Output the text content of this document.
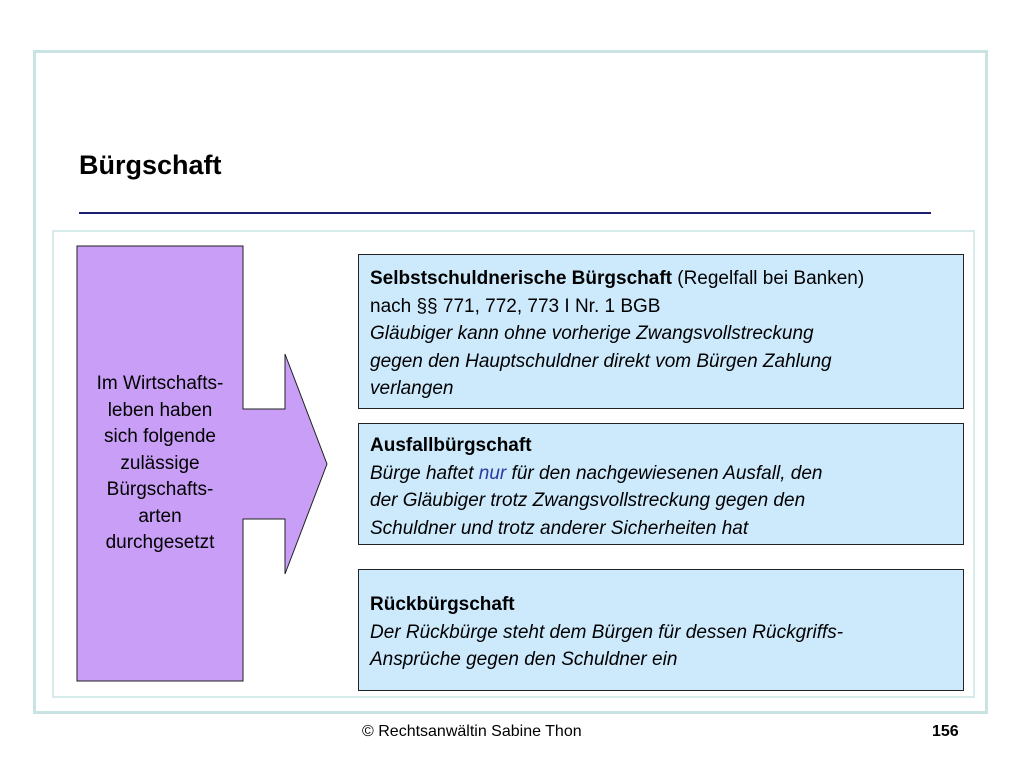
Bürgschaft
Im Wirtschafts-
leben haben
sich folgende
zulässige
Bürgschafts-
arten
durchgesetzt
Selbstschuldnerische Bürgschaft (Regelfall bei Banken)
nach §§ 771, 772, 773 I Nr. 1 BGB
Gläubiger kann ohne vorherige Zwangsvollstreckung
gegen den Hauptschuldner direkt vom Bürgen Zahlung
verlangen
Ausfallbürgschaft
Bürge haftet nur für den nachgewiesenen Ausfall, den
der Gläubiger trotz Zwangsvollstreckung gegen den
Schuldner und trotz anderer Sicherheiten hat
Rückbürgschaft
Der Rückbürge steht dem Bürgen für dessen Rückgriffs-
Ansprüche gegen den Schuldner ein
© Rechtsanwältin Sabine Thon	156
